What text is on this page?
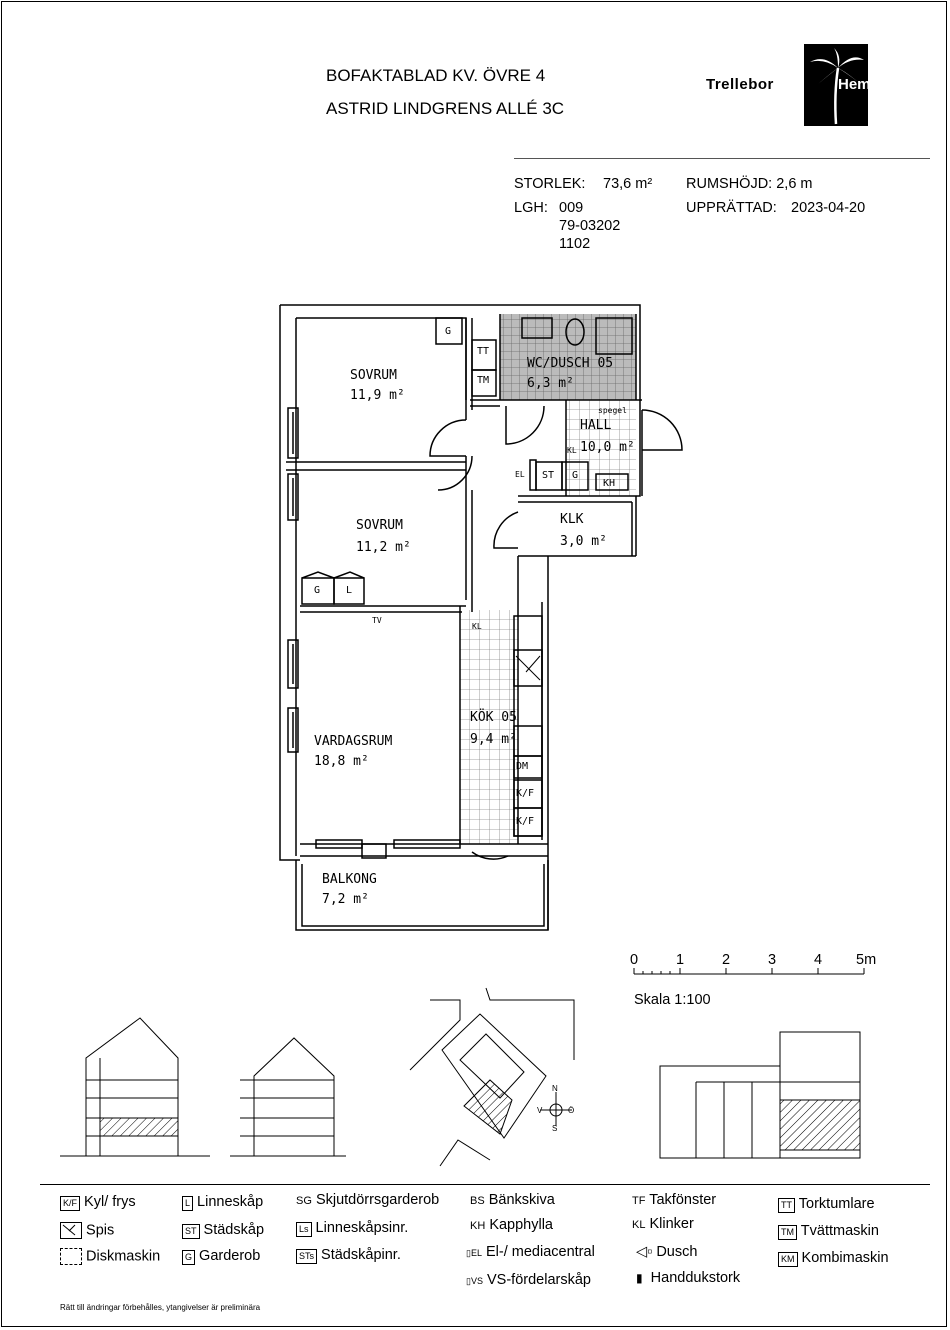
BOFAKTABLAD KV. ÖVRE 4
ASTRID LINDGRENS ALLÉ 3C
Trelleborgs	Hem
STORLEK: 73,6 m²
LGH: 009
79-03202
1102
RUMSHÖJD: 2,6 m
UPPRÄTTAD: 2023-04-20
SOVRUM
11,9 m²
WC/DUSCH 05
6,3 m²
HALL
10,0 m²
SOVRUM
11,2 m²
KLK
3,0 m²
VARDAGSRUM
18,8 m²
KÖK 05
9,4 m²
BALKONG
7,2 m²
G
TT
TM
spegel
KL
EL ST G
KH
G	L
TV
KL
DM
K/F
K/F
0	1	2	3	4 5m
Skala 1:100
N
S
V	Ö
K/F Kyl/ frys
Spis
Diskmaskin
L Linneskåp
ST Städskåp
G Garderob
SG Skjutdörrsgarderob
Ls Linneskåpsinr.
STs Städskåpinr.
BS Bänkskiva
KH Kapphylla
▯EL El-/ mediacentral
▯VS VS-fördelarskåp
TF Takfönster
KL Klinker
◁▫ Dusch
▮ Handdukstork
TT Torktumlare
TM Tvättmaskin
KM Kombimaskin
Rätt till ändringar förbehålles, ytangivelser är preliminära
